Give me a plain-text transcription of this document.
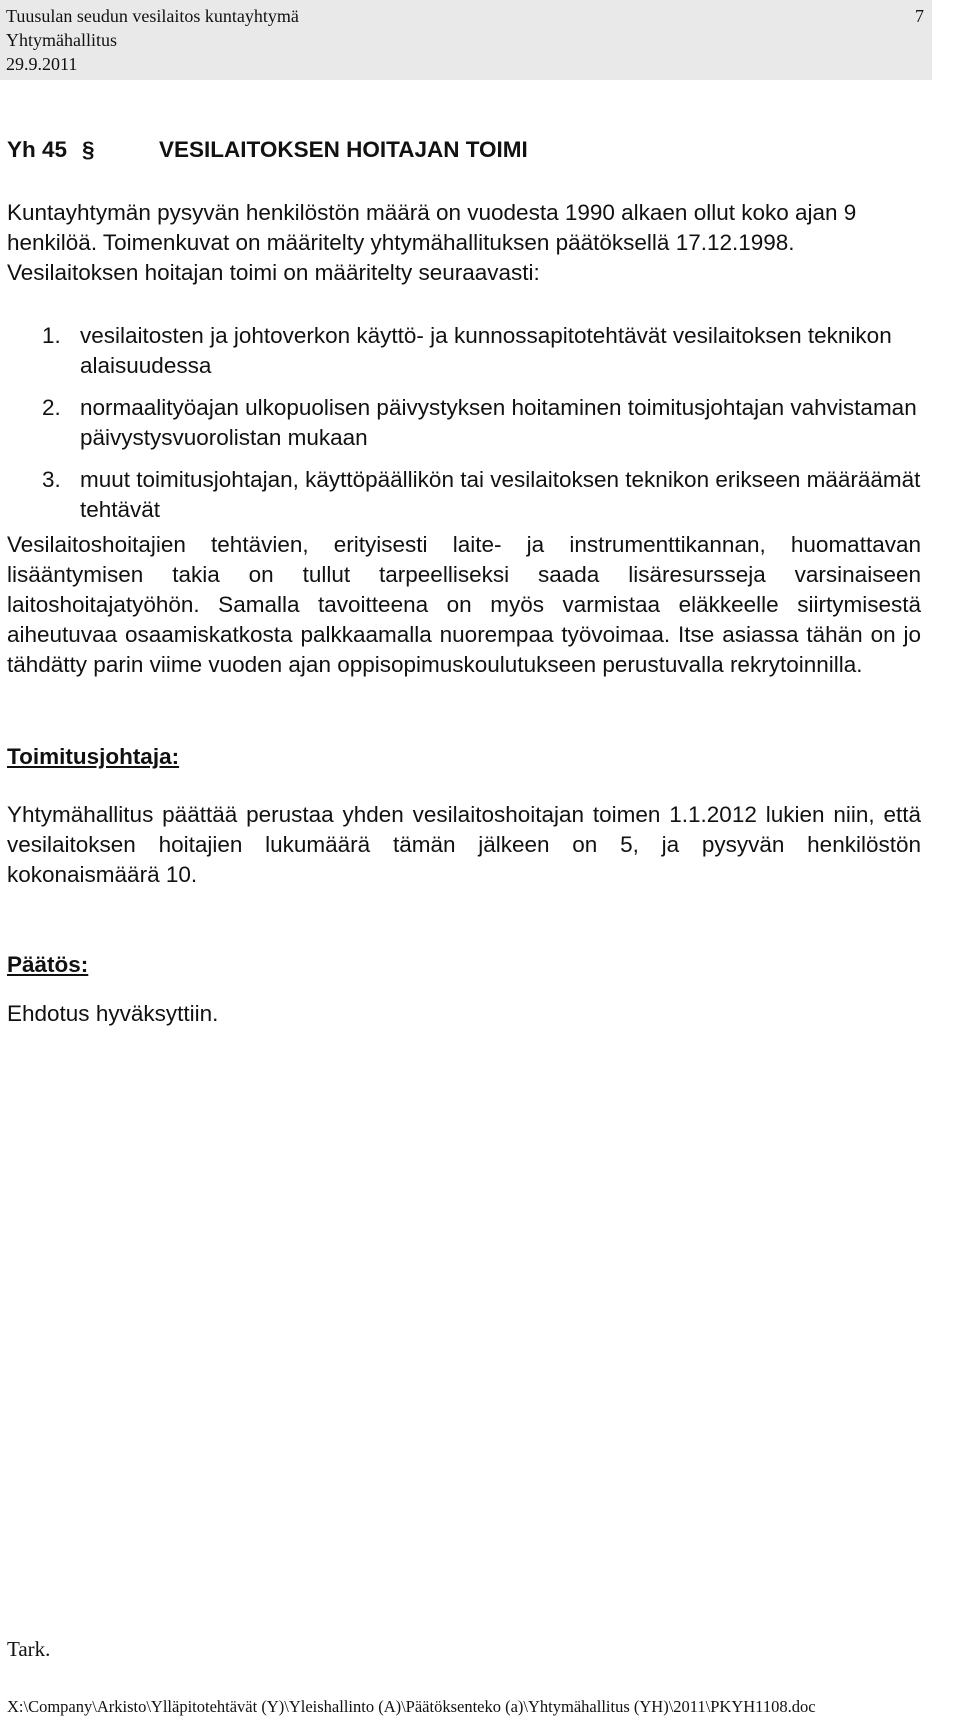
Tuusulan seudun vesilaitos kuntayhtymä
Yhtymähallitus
29.9.2011
7
Yh 45 §	VESILAITOKSEN HOITAJAN TOIMI

Kuntayhtymän pysyvän henkilöstön määrä on vuodesta 1990 alkaen ollut koko ajan 9 henkilöä. Toimenkuvat on määritelty yhtymähallituksen päätöksellä 17.12.1998. Vesilaitoksen hoitajan toimi on määritelty seuraavasti:

1. vesilaitosten ja johtoverkon käyttö- ja kunnossapitotehtävät vesilaitoksen teknikon alaisuudessa
2. normaalityöajan ulkopuolisen päivystyksen hoitaminen toimitusjohtajan vahvistaman päivystysvuorolistan mukaan
3. muut toimitusjohtajan, käyttöpäällikön tai vesilaitoksen teknikon erikseen määräämät tehtävät

Vesilaitoshoitajien tehtävien, erityisesti laite- ja instrumenttikannan, huomattavan lisääntymisen takia on tullut tarpeelliseksi saada lisäresursseja varsinaiseen laitoshoitajatyöhön. Samalla tavoitteena on myös varmistaa eläkkeelle siirtymisestä aiheutuvaa osaamiskatkosta palkkaamalla nuorempaa työvoimaa. Itse asiassa tähän on jo tähdätty parin viime vuoden ajan oppisopimuskoulutukseen perustuvalla rekrytoinnilla.

Toimitusjohtaja:

Yhtymähallitus päättää perustaa yhden vesilaitoshoitajan toimen 1.1.2012 lukien niin, että vesilaitoksen hoitajien lukumäärä tämän jälkeen on 5, ja pysyvän henkilöstön kokonaismäärä 10.

Päätös:

Ehdotus hyväksyttiin.

Tark.
X:\Company\Arkisto\Ylläpitotehtävät (Y)\Yleishallinto (A)\Päätöksenteko (a)\Yhtymähallitus (YH)\2011\PKYH1108.doc
